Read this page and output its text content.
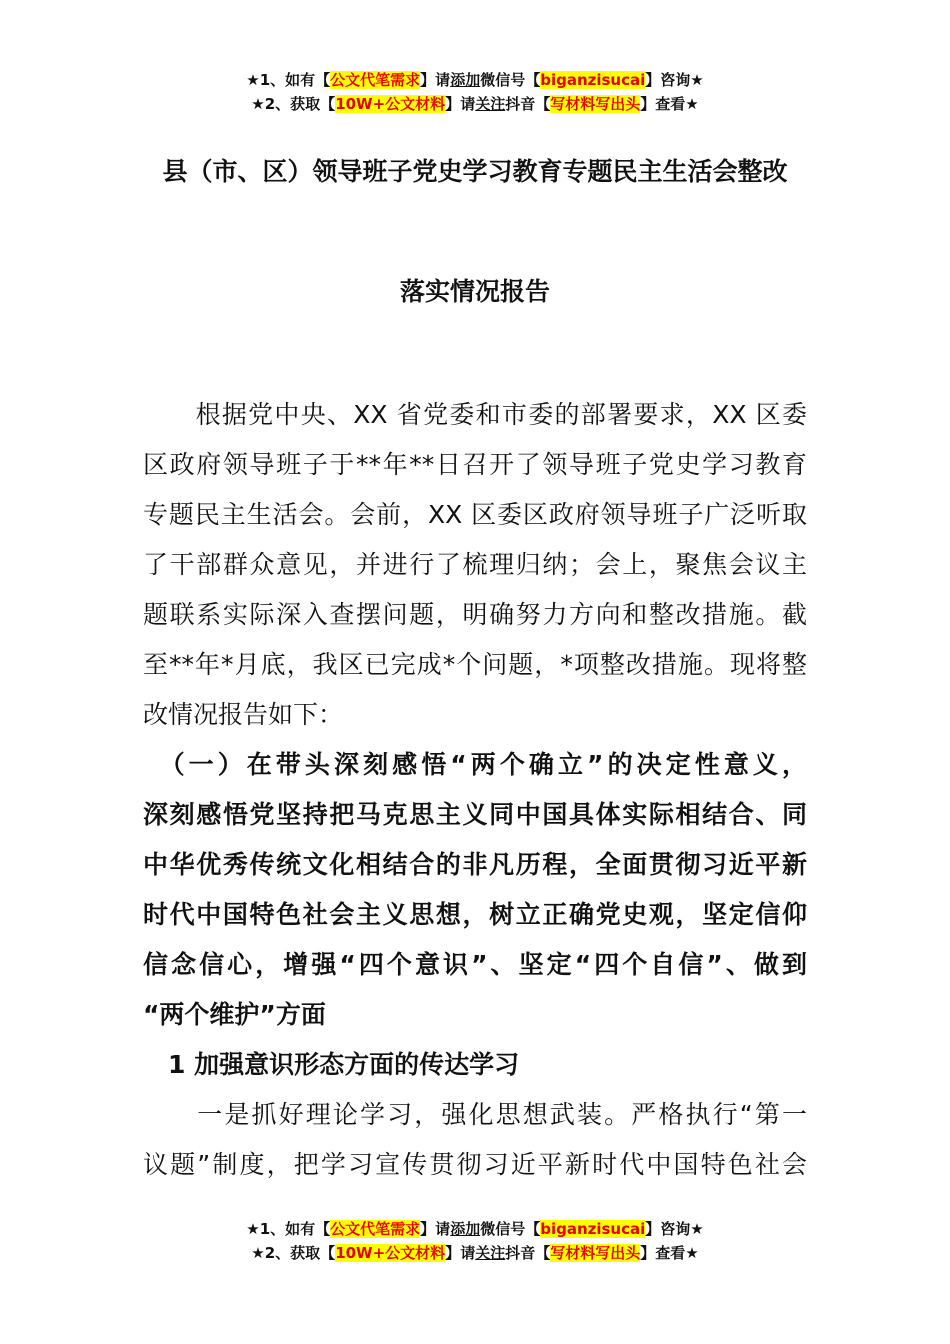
★1、如有【公文代笔需求】请添加微信号【biganzisucai】咨询★
★2、获取【10W+公文材料】请关注抖音【写材料写出头】查看★
县（市、区）领导班子党史学习教育专题民主生活会整改
落实情况报告
　　根据党中央、XX 省党委和市委的部署要求，XX 区委
区政府领导班子于**年**日召开了领导班子党史学习教育
专题民主生活会。会前，XX 区委区政府领导班子广泛听取
了干部群众意见，并进行了梳理归纳；会上，聚焦会议主
题联系实际深入查摆问题，明确努力方向和整改措施。截
至**年*月底，我区已完成*个问题，*项整改措施。现将整
改情况报告如下：
　（一）在带头深刻感悟“两个确立”的决定性意义，
深刻感悟党坚持把马克思主义同中国具体实际相结合、同
中华优秀传统文化相结合的非凡历程，全面贯彻习近平新
时代中国特色社会主义思想，树立正确党史观，坚定信仰
信念信心，增强“四个意识”、坚定“四个自信”、做到
“两个维护”方面
　1 加强意识形态方面的传达学习
　　一是抓好理论学习，强化思想武装。严格执行“第一
议题”制度，把学习宣传贯彻习近平新时代中国特色社会
★1、如有【公文代笔需求】请添加微信号【biganzisucai】咨询★
★2、获取【10W+公文材料】请关注抖音【写材料写出头】查看★
